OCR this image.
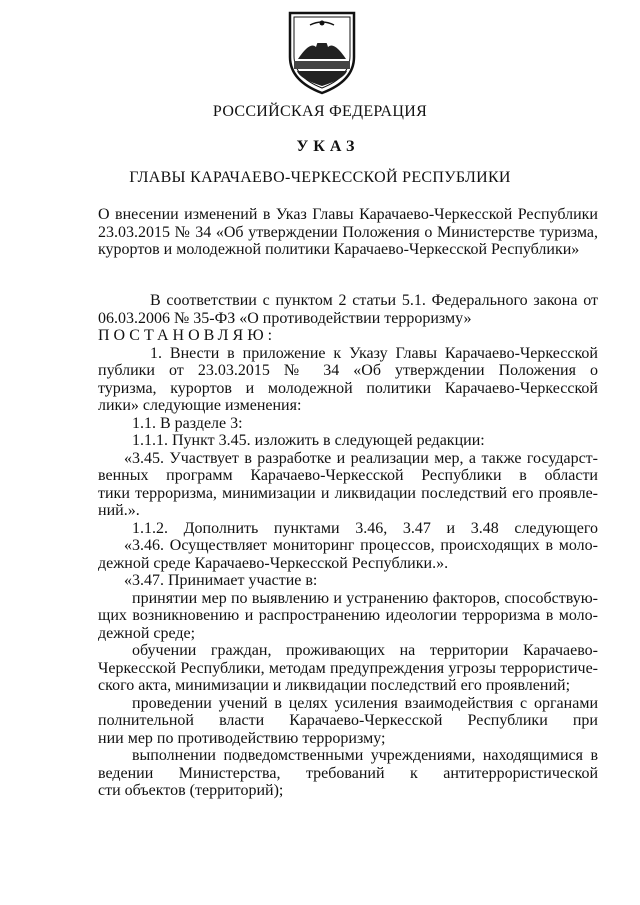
РОССИЙСКАЯ ФЕДЕРАЦИЯ
УКАЗ
ГЛАВЫ КАРАЧАЕВО-ЧЕРКЕССКОЙ РЕСПУБЛИКИ
О внесении изменений в Указ Главы Карачаево-Черкесской Республики
23.03.2015 № 34 «Об утверждении Положения о Министерстве туризма,
курортов и молодежной политики Карачаево-Черкесской Республики»
В соответствии с пунктом 2 статьи 5.1. Федерального закона от
06.03.2006 № 35-ФЗ «О противодействии терроризму»
ПОСТАНОВЛЯЮ:
1. Внести в приложение к Указу Главы Карачаево-Черкесской
публики от 23.03.2015 № 34 «Об утверждении Положения о
туризма, курортов и молодежной политики Карачаево-Черкесской
лики» следующие изменения:
1.1. В разделе 3:
1.1.1. Пункт 3.45. изложить в следующей редакции:
«3.45. Участвует в разработке и реализации мер, а также государст-
венных программ Карачаево-Черкесской Республики в области
тики терроризма, минимизации и ликвидации последствий его проявле-
ний.».
1.1.2. Дополнить пунктами 3.46, 3.47 и 3.48 следующего
«3.46. Осуществляет мониторинг процессов, происходящих в моло-
дежной среде Карачаево-Черкесской Республики.».
«3.47. Принимает участие в:
принятии мер по выявлению и устранению факторов, способствую-
щих возникновению и распространению идеологии терроризма в моло-
дежной среде;
обучении граждан, проживающих на территории Карачаево-
Черкесской Республики, методам предупреждения угрозы террористиче-
ского акта, минимизации и ликвидации последствий его проявлений;
проведении учений в целях усиления взаимодействия с органами
полнительной власти Карачаево-Черкесской Республики при
нии мер по противодействию терроризму;
выполнении подведомственными учреждениями, находящимися в
ведении Министерства, требований к антитеррористической
сти объектов (территорий);
